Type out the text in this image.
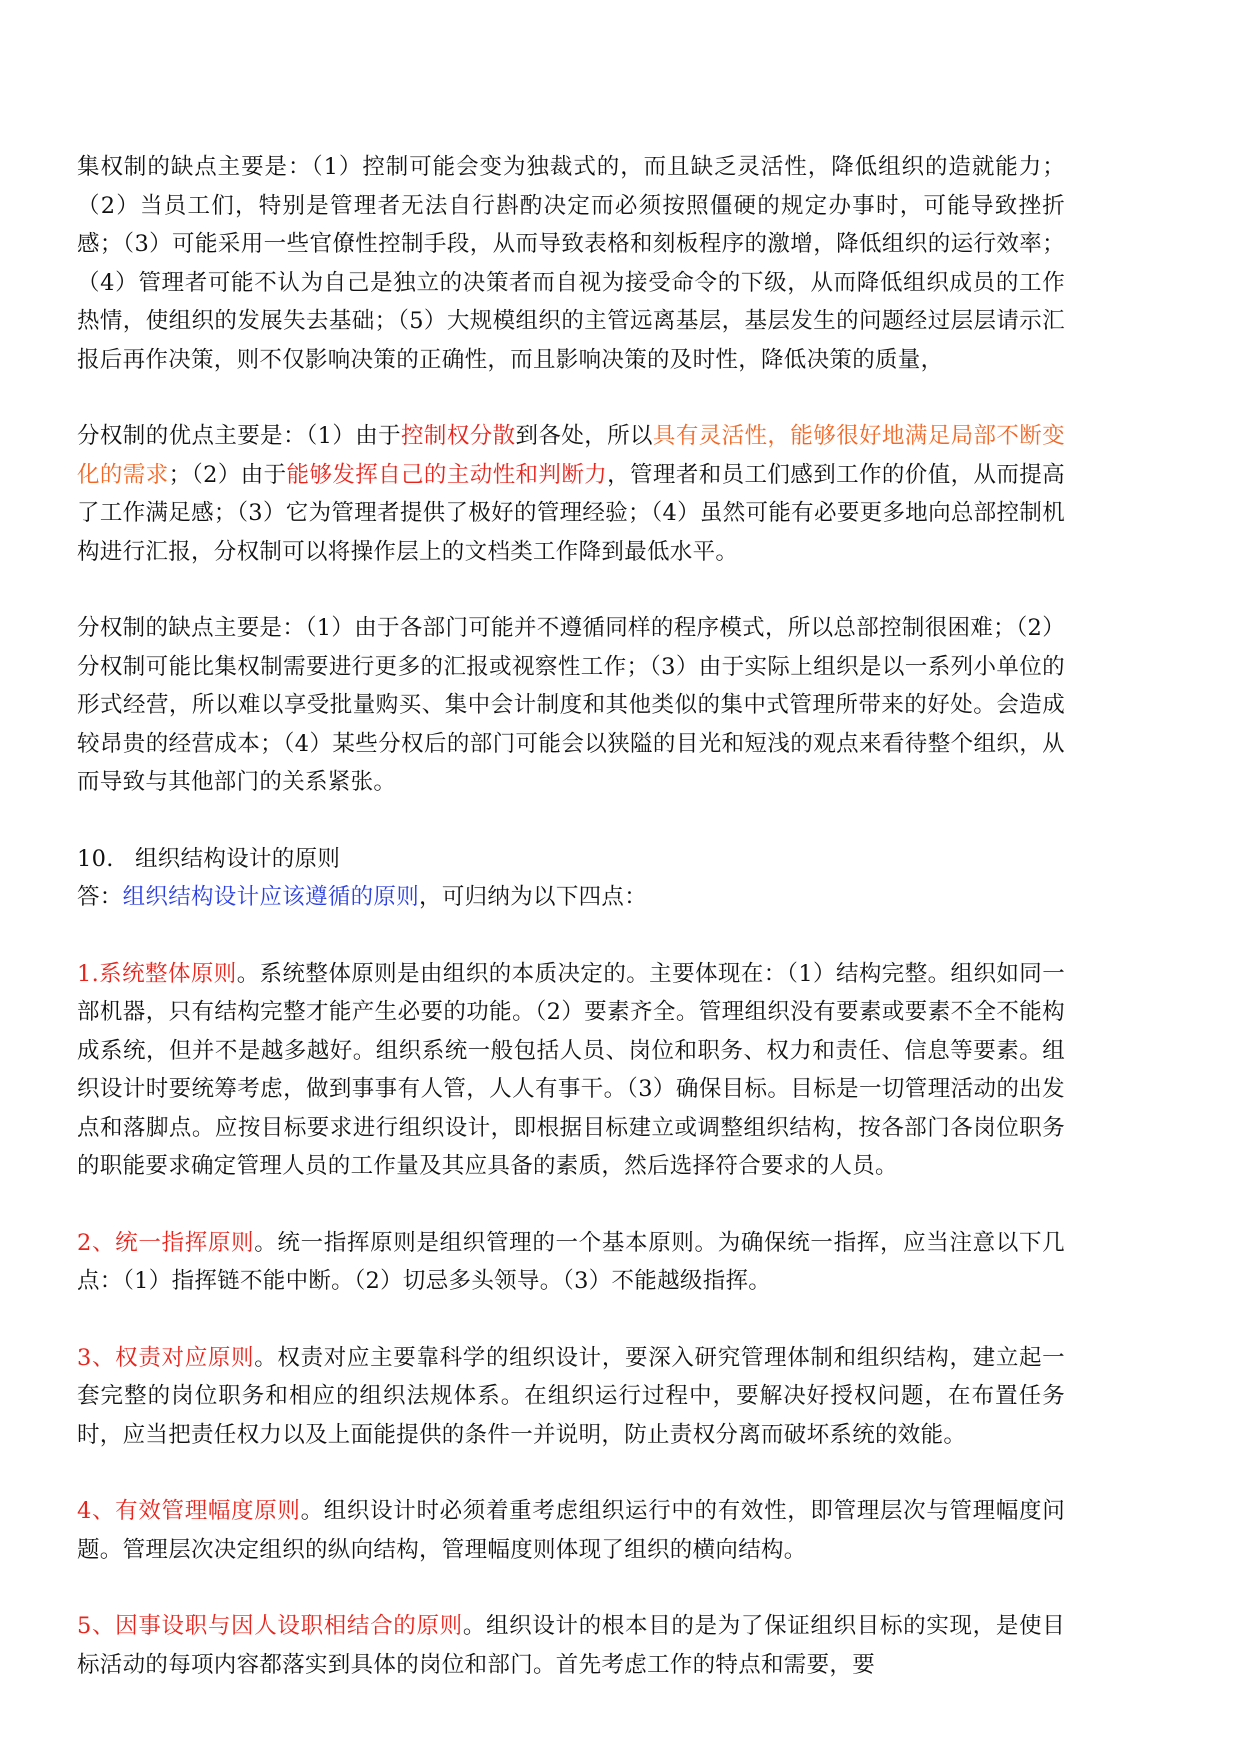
集权制的缺点主要是：（1）控制可能会变为独裁式的，而且缺乏灵活性，降低组织的造就能力；（2）当员工们，特别是管理者无法自行斟酌决定而必须按照僵硬的规定办事时，可能导致挫折感；（3）可能采用一些官僚性控制手段，从而导致表格和刻板程序的激增，降低组织的运行效率；（4）管理者可能不认为自己是独立的决策者而自视为接受命令的下级，从而降低组织成员的工作热情，使组织的发展失去基础；（5）大规模组织的主管远离基层，基层发生的问题经过层层请示汇报后再作决策，则不仅影响决策的正确性，而且影响决策的及时性，降低决策的质量，

分权制的优点主要是：（1）由于控制权分散到各处，所以具有灵活性，能够很好地满足局部不断变化的需求；（2）由于能够发挥自己的主动性和判断力，管理者和员工们感到工作的价值，从而提高了工作满足感；（3）它为管理者提供了极好的管理经验；（4）虽然可能有必要更多地向总部控制机构进行汇报，分权制可以将操作层上的文档类工作降到最低水平。

分权制的缺点主要是：（1）由于各部门可能并不遵循同样的程序模式，所以总部控制很困难；（2）分权制可能比集权制需要进行更多的汇报或视察性工作；（3）由于实际上组织是以一系列小单位的形式经营，所以难以享受批量购买、集中会计制度和其他类似的集中式管理所带来的好处。会造成较昂贵的经营成本；（4）某些分权后的部门可能会以狭隘的目光和短浅的观点来看待整个组织，从而导致与其他部门的关系紧张。

10. 组织结构设计的原则

答：组织结构设计应该遵循的原则，可归纳为以下四点：

1.系统整体原则。系统整体原则是由组织的本质决定的。主要体现在：（1）结构完整。组织如同一部机器，只有结构完整才能产生必要的功能。（2）要素齐全。管理组织没有要素或要素不全不能构成系统，但并不是越多越好。组织系统一般包括人员、岗位和职务、权力和责任、信息等要素。组织设计时要统筹考虑，做到事事有人管，人人有事干。（3）确保目标。目标是一切管理活动的出发点和落脚点。应按目标要求进行组织设计，即根据目标建立或调整组织结构，按各部门各岗位职务的职能要求确定管理人员的工作量及其应具备的素质，然后选择符合要求的人员。

2、统一指挥原则。统一指挥原则是组织管理的一个基本原则。为确保统一指挥，应当注意以下几点：（1）指挥链不能中断。（2）切忌多头领导。（3）不能越级指挥。

3、权责对应原则。权责对应主要靠科学的组织设计，要深入研究管理体制和组织结构，建立起一套完整的岗位职务和相应的组织法规体系。在组织运行过程中，要解决好授权问题，在布置任务时，应当把责任权力以及上面能提供的条件一并说明，防止责权分离而破坏系统的效能。

4、有效管理幅度原则。组织设计时必须着重考虑组织运行中的有效性，即管理层次与管理幅度问题。管理层次决定组织的纵向结构，管理幅度则体现了组织的横向结构。

5、因事设职与因人设职相结合的原则。组织设计的根本目的是为了保证组织目标的实现，是使目标活动的每项内容都落实到具体的岗位和部门。首先考虑工作的特点和需要，要
